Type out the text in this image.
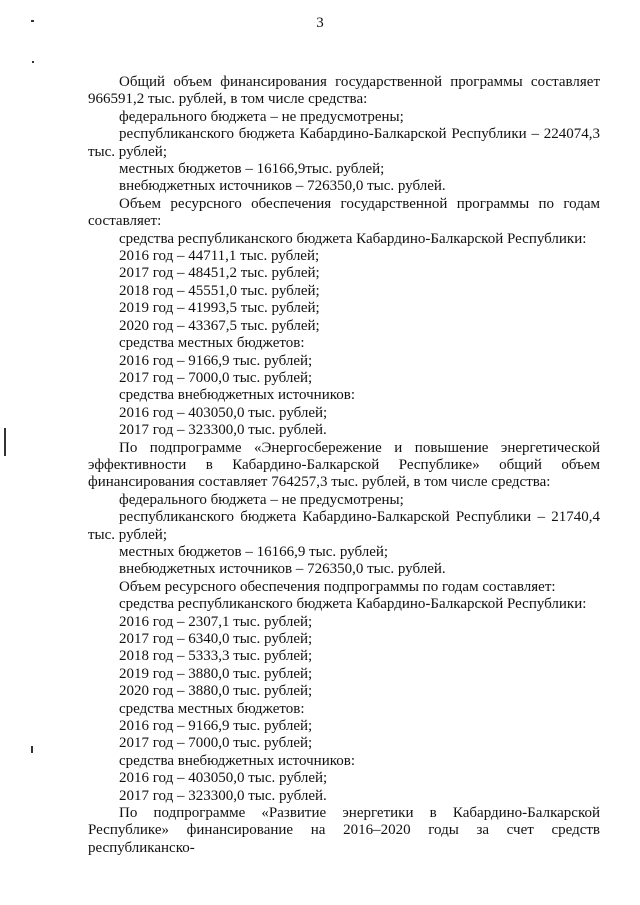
3

Общий объем финансирования государственной программы составляет 966591,2 тыс. рублей, в том числе средства:

федерального бюджета – не предусмотрены;

республиканского бюджета Кабардино-Балкарской Республики – 224074,3 тыс. рублей;

местных бюджетов – 16166,9тыс. рублей;

внебюджетных источников – 726350,0 тыс. рублей.

Объем ресурсного обеспечения государственной программы по годам составляет:

средства республиканского бюджета Кабардино-Балкарской Республики:

2016 год – 44711,1 тыс. рублей;

2017 год – 48451,2 тыс. рублей;

2018 год – 45551,0 тыс. рублей;

2019 год – 41993,5 тыс. рублей;

2020 год – 43367,5 тыс. рублей;

средства местных бюджетов:

2016 год – 9166,9 тыс. рублей;

2017 год – 7000,0 тыс. рублей;

средства внебюджетных источников:

2016 год – 403050,0 тыс. рублей;

2017 год – 323300,0 тыс. рублей.

По подпрограмме «Энергосбережение и повышение энергетической эффективности в Кабардино-Балкарской Республике» общий объем финансирования составляет 764257,3 тыс. рублей, в том числе средства:

федерального бюджета – не предусмотрены;

республиканского бюджета Кабардино-Балкарской Республики – 21740,4 тыс. рублей;

местных бюджетов – 16166,9 тыс. рублей;

внебюджетных источников – 726350,0 тыс. рублей.

Объем ресурсного обеспечения подпрограммы по годам составляет:

средства республиканского бюджета Кабардино-Балкарской Республики:

2016 год – 2307,1 тыс. рублей;

2017 год – 6340,0 тыс. рублей;

2018 год – 5333,3 тыс. рублей;

2019 год – 3880,0 тыс. рублей;

2020 год – 3880,0 тыс. рублей;

средства местных бюджетов:

2016 год – 9166,9 тыс. рублей;

2017 год – 7000,0 тыс. рублей;

средства внебюджетных источников:

2016 год – 403050,0 тыс. рублей;

2017 год – 323300,0 тыс. рублей.

По подпрограмме «Развитие энергетики в Кабардино-Балкарской Республике» финансирование на 2016–2020 годы за счет средств республиканско-
